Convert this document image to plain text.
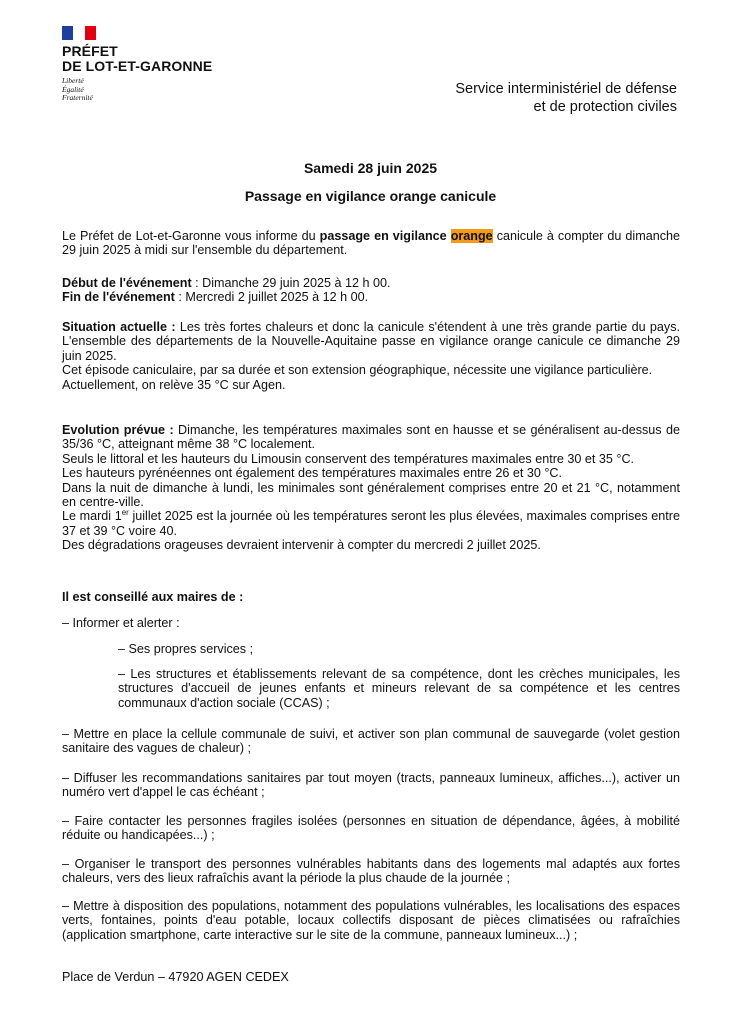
PRÉFET
DE LOT-ET-GARONNE
Liberté
Égalité
Fraternité
Service interministériel de défense
et de protection civiles
Samedi 28 juin 2025
Passage en vigilance orange canicule
Le Préfet de Lot-et-Garonne vous informe du passage en vigilance orange canicule à compter du dimanche 29 juin 2025 à midi sur l'ensemble du département.
Début de l'événement : Dimanche 29 juin 2025 à 12 h 00.
Fin de l'événement : Mercredi 2 juillet 2025 à 12 h 00.

Situation actuelle : Les très fortes chaleurs et donc la canicule s'étendent à une très grande partie du pays. L'ensemble des départements de la Nouvelle-Aquitaine passe en vigilance orange canicule ce dimanche 29 juin 2025.

Cet épisode caniculaire, par sa durée et son extension géographique, nécessite une vigilance particulière.

Actuellement, on relève 35 °C sur Agen.

Evolution prévue : Dimanche, les températures maximales sont en hausse et se généralisent au-dessus de 35/36 °C, atteignant même 38 °C localement.

Seuls le littoral et les hauteurs du Limousin conservent des températures maximales entre 30 et 35 °C.

Les hauteurs pyrénéennes ont également des températures maximales entre 26 et 30 °C.

Dans la nuit de dimanche à lundi, les minimales sont généralement comprises entre 20 et 21 °C, notamment en centre-ville.

Le mardi 1er juillet 2025 est la journée où les températures seront les plus élevées, maximales comprises entre 37 et 39 °C voire 40.

Des dégradations orageuses devraient intervenir à compter du mercredi 2 juillet 2025.

Il est conseillé aux maires de :
– Informer et alerter :
– Ses propres services ;
– Les structures et établissements relevant de sa compétence, dont les crèches municipales, les structures d'accueil de jeunes enfants et mineurs relevant de sa compétence et les centres communaux d'action sociale (CCAS) ;
– Mettre en place la cellule communale de suivi, et activer son plan communal de sauvegarde (volet gestion sanitaire des vagues de chaleur) ;
– Diffuser les recommandations sanitaires par tout moyen (tracts, panneaux lumineux, affiches...), activer un numéro vert d'appel le cas échéant ;
– Faire contacter les personnes fragiles isolées (personnes en situation de dépendance, âgées, à mobilité réduite ou handicapées...) ;
– Organiser le transport des personnes vulnérables habitants dans des logements mal adaptés aux fortes chaleurs, vers des lieux rafraîchis avant la période la plus chaude de la journée ;
– Mettre à disposition des populations, notamment des populations vulnérables, les localisations des espaces verts, fontaines, points d'eau potable, locaux collectifs disposant de pièces climatisées ou rafraîchies (application smartphone, carte interactive sur le site de la commune, panneaux lumineux...) ;
Place de Verdun – 47920 AGEN CEDEX
